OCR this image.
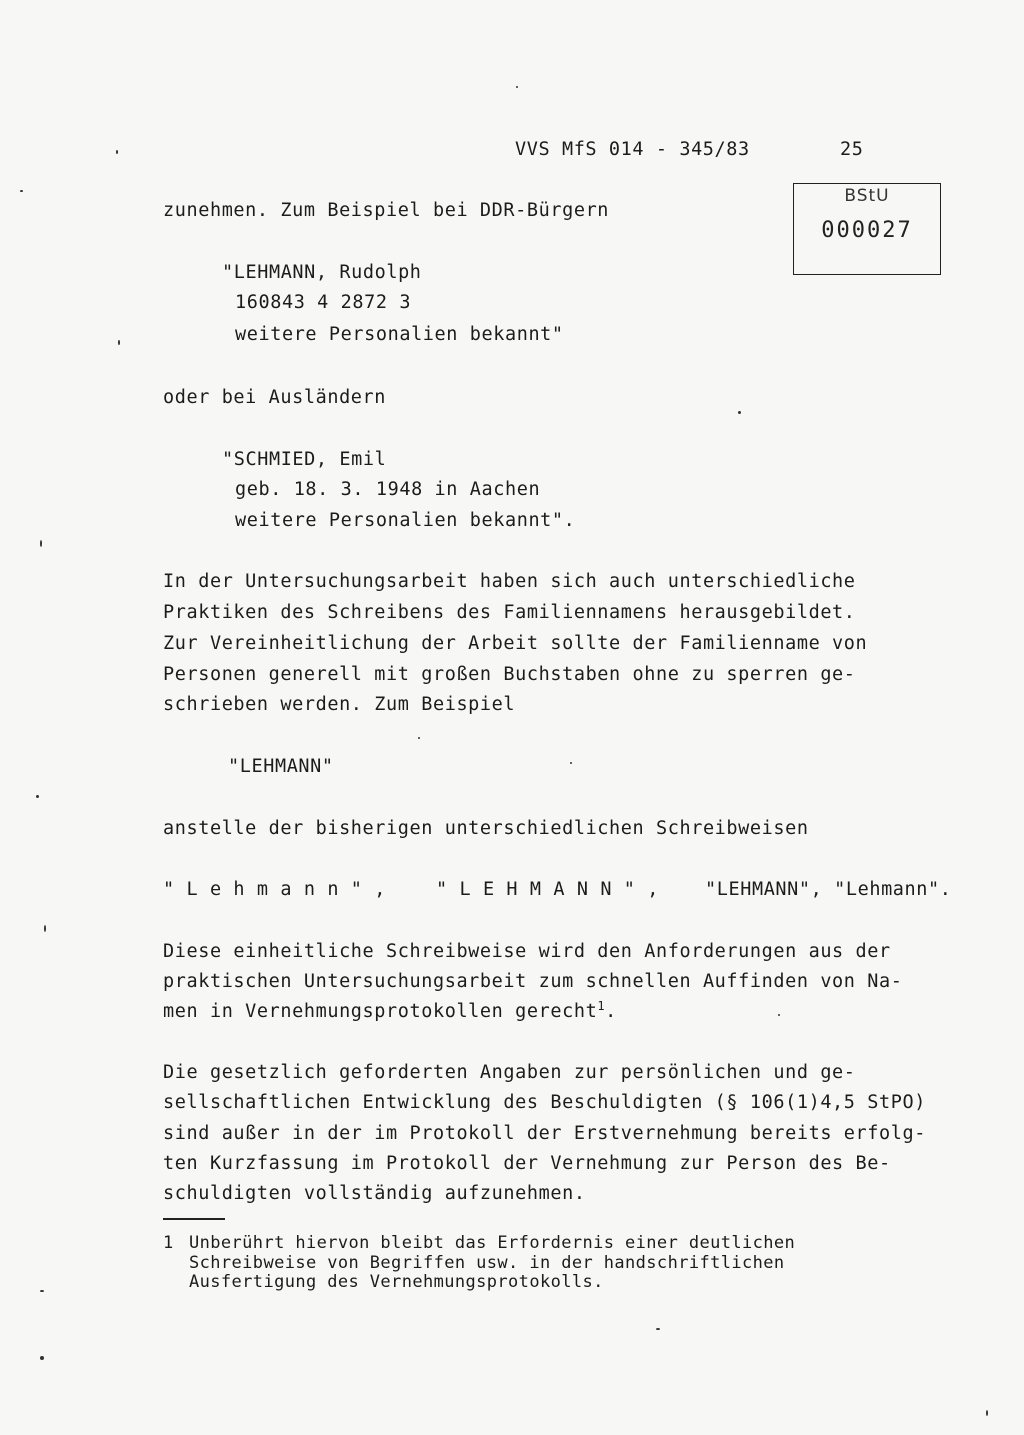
VVS MfS 014 - 345/83	25
BStU
000027
zunehmen. Zum Beispiel bei DDR-Bürgern
"LEHMANN, Rudolph
160843 4 2872 3
weitere Personalien bekannt"
oder bei Ausländern
"SCHMIED, Emil
geb. 18. 3. 1948 in Aachen
weitere Personalien bekannt".
In der Untersuchungsarbeit haben sich auch unterschiedliche
Praktiken des Schreibens des Familiennamens herausgebildet.
Zur Vereinheitlichung der Arbeit sollte der Familienname von
Personen generell mit großen Buchstaben ohne zu sperren ge-
schrieben werden. Zum Beispiel
"LEHMANN"
anstelle der bisherigen unterschiedlichen Schreibweisen
" L e h m a n n " ,	" L E H M A N N " , "LEHMANN", "Lehmann".
Diese einheitliche Schreibweise wird den Anforderungen aus der
praktischen Untersuchungsarbeit zum schnellen Auffinden von Na-
men in Vernehmungsprotokollen gerecht$^1$.
Die gesetzlich geforderten Angaben zur persönlichen und ge-
sellschaftlichen Entwicklung des Beschuldigten (§ 106(1)4,5 StPO)
sind außer in der im Protokoll der Erstvernehmung bereits erfolg-
ten Kurzfassung im Protokoll der Vernehmung zur Person des Be-
schuldigten vollständig aufzunehmen.
1 Unberührt hiervon bleibt das Erfordernis einer deutlichen
Schreibweise von Begriffen usw. in der handschriftlichen
Ausfertigung des Vernehmungsprotokolls.
